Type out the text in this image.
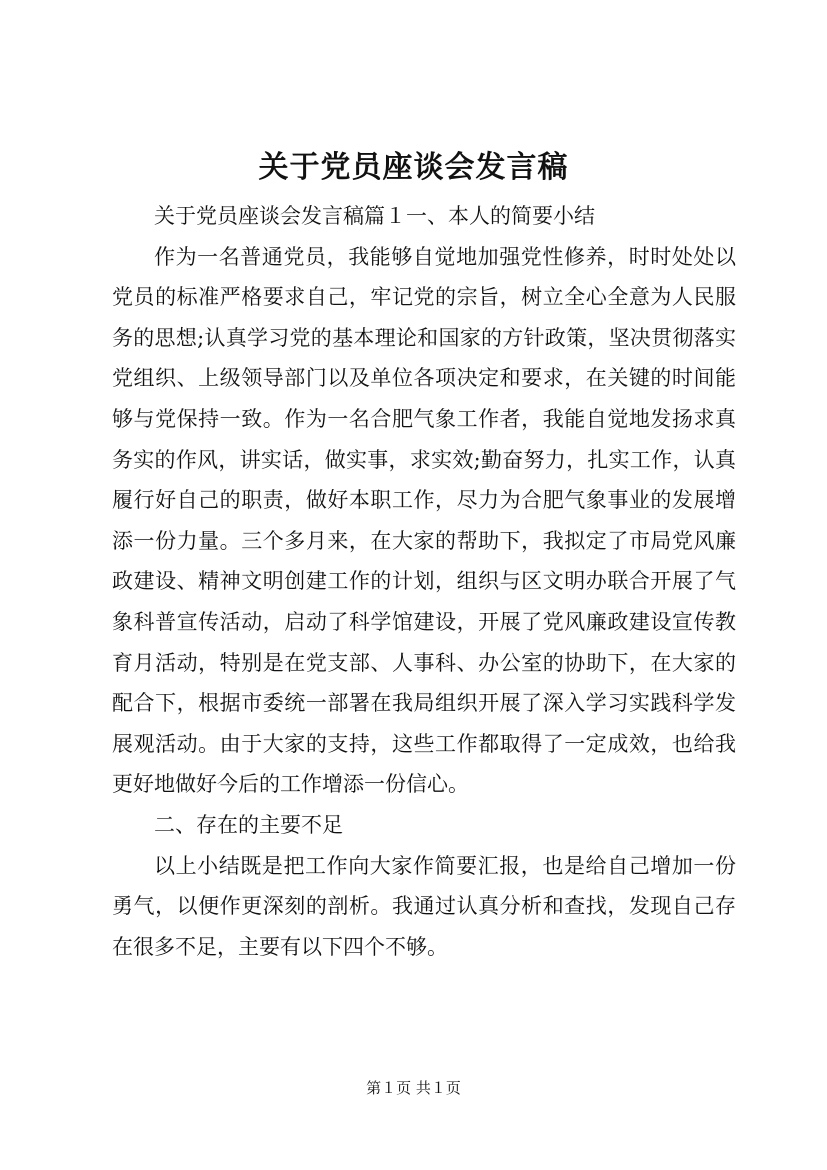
关于党员座谈会发言稿

关于党员座谈会发言稿篇１一、本人的简要小结

作为一名普通党员，我能够自觉地加强党性修养，时时处处以党员的标准严格要求自己，牢记党的宗旨，树立全心全意为人民服务的思想;认真学习党的基本理论和国家的方针政策，坚决贯彻落实党组织、上级领导部门以及单位各项决定和要求，在关键的时间能够与党保持一致。作为一名合肥气象工作者，我能自觉地发扬求真务实的作风，讲实话，做实事，求实效;勤奋努力，扎实工作，认真履行好自己的职责，做好本职工作，尽力为合肥气象事业的发展增添一份力量。三个多月来，在大家的帮助下，我拟定了市局党风廉政建设、精神文明创建工作的计划，组织与区文明办联合开展了气象科普宣传活动，启动了科学馆建设，开展了党风廉政建设宣传教育月活动，特别是在党支部、人事科、办公室的协助下，在大家的配合下，根据市委统一部署在我局组织开展了深入学习实践科学发展观活动。由于大家的支持，这些工作都取得了一定成效，也给我更好地做好今后的工作增添一份信心。

二、存在的主要不足

以上小结既是把工作向大家作简要汇报，也是给自己增加一份勇气，以便作更深刻的剖析。我通过认真分析和查找，发现自己存在很多不足，主要有以下四个不够。

第１页 共１页
